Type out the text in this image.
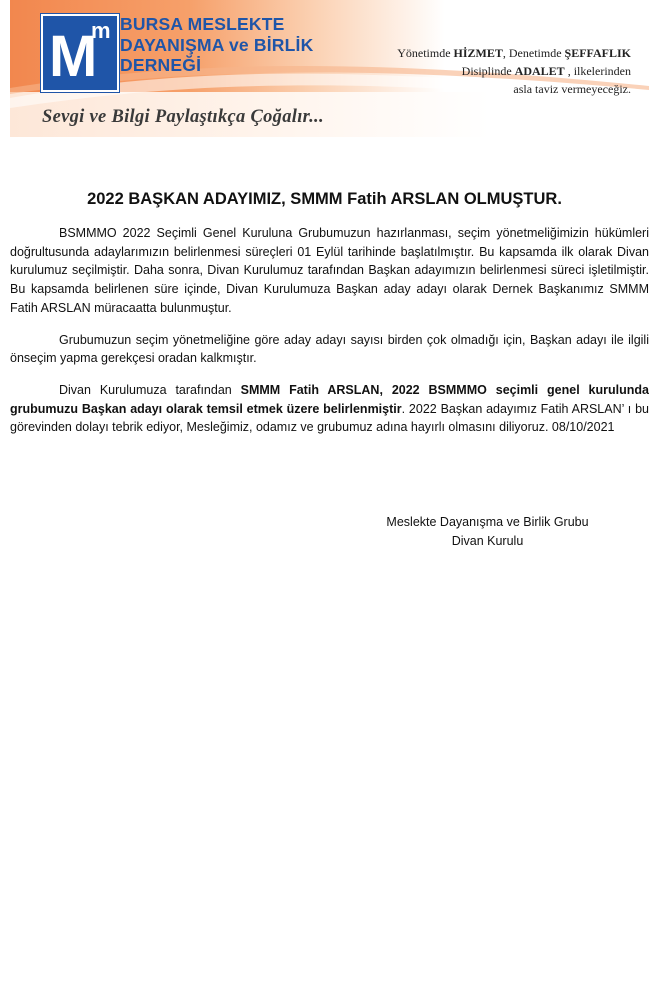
M
m BURSA MESLEKTE
DAYANIŞMA ve BİRLİK
DERNEĞİ
Yönetimde HİZMET, Denetimde ŞEFFAFLIK
Disiplinde ADALET , ilkelerinden
asla taviz vermeyeceğiz.
Sevgi ve Bilgi Paylaştıkça Çoğalır...
2022 BAŞKAN ADAYIMIZ, SMMM Fatih ARSLAN OLMUŞTUR.

BSMMMO 2022 Seçimli Genel Kuruluna Grubumuzun hazırlanması, seçim yönetmeliğimizin hükümleri doğrultusunda adaylarımızın belirlenmesi süreçleri 01 Eylül tarihinde başlatılmıştır. Bu kapsamda ilk olarak Divan kurulumuz seçilmiştir. Daha sonra, Divan Kurulumuz tarafından Başkan adayımızın belirlenmesi süreci işletilmiştir. Bu kapsamda belirlenen süre içinde, Divan Kurulumuza Başkan aday adayı olarak Dernek Başkanımız SMMM Fatih ARSLAN müracaatta bulunmuştur.

Grubumuzun seçim yönetmeliğine göre aday adayı sayısı birden çok olmadığı için, Başkan adayı ile ilgili önseçim yapma gerekçesi oradan kalkmıştır.

Divan Kurulumuza tarafından SMMM Fatih ARSLAN, 2022 BSMMMO seçimli genel kurulunda grubumuzu Başkan adayı olarak temsil etmek üzere belirlenmiştir. 2022 Başkan adayımız Fatih ARSLAN’ ı bu görevinden dolayı tebrik ediyor, Mesleğimiz, odamız ve grubumuz adına hayırlı olmasını diliyoruz. 08/10/2021

Meslekte Dayanışma ve Birlik Grubu
Divan Kurulu
